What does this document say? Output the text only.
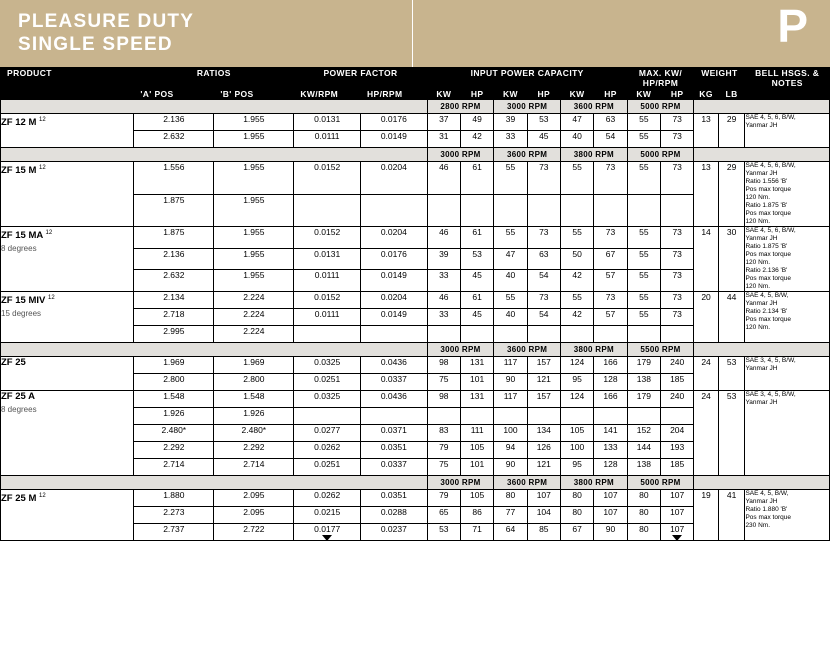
PLEASURE DUTY
SINGLE SPEED	P
PRODUCT	RATIOS		POWER FACTOR		INPUT POWER CAPACITY						MAX. KW/ HP/RPM		WEIGHT		BELL HSGS. & NOTES
	'A' POS	'B' POS	KW/RPM	HP/RPM	KW	HP	KW	HP	KW	HP	KW	HP	KG	LB	
					2800 RPM		3000 RPM		3600 RPM		5000 RPM				
ZF 12 M $^{12}$	2.136	1.955	0.0131	0.0176	37	49	39	53	47	63	55	73	13	29	SAE 4, 5, 6, B/W,
Yanmar JH
	2.632	1.955	0.0111	0.0149	31	42	33	45	40	54	55	73			
					3000 RPM		3600 RPM		3800 RPM		5000 RPM				
ZF 15 M $^{12}$	1.556	1.955	0.0152	0.0204	46	61	55	73	55	73	55	73	13	29	SAE 4, 5, 6, B/W,
Yanmar JH
Ratio 1.556 'B'
Pos max torque
120 Nm.
Ratio 1.875 'B'
Pos max torque
120 Nm.
	1.875	1.955													
ZF 15 MA $^{12}$
8 degrees
	1.875	1.955	0.0152	0.0204	46	61	55	73	55	73	55	73	14	30	SAE 4, 5, 6, B/W,
Yanmar JH
Ratio 1.875 'B'
Pos max torque
120 Nm.
Ratio 2.136 'B'
Pos max torque
120 Nm.
	2.136	1.955	0.0131	0.0176	39	53	47	63	50	67	55	73			
	2.632	1.955	0.0111	0.0149	33	45	40	54	42	57	55	73			
ZF 15 MIV $^{12}$
15 degrees	2.134	2.224	0.0152	0.0204	46	61	55	73	55	73	55	73	20	44	SAE 4, 5, B/W,
Yanmar JH
Ratio 2.134 'B'
Pos max torque
120 Nm.
	2.718	2.224	0.0111	0.0149	33	45	40	54	42	57	55	73			
	2.995	2.224													
					3000 RPM		3600 RPM		3800 RPM		5500 RPM				
ZF 25	1.969	1.969	0.0325	0.0436	98	131	117	157	124	166	179	240	24	53	SAE 3, 4, 5, B/W,
Yanmar JH
	2.800	2.800	0.0251	0.0337	75	101	90	121	95	128	138	185			
ZF 25 A
8 degrees	1.548	1.548	0.0325	0.0436	98	131	117	157	124	166	179	240	24	53	SAE 3, 4, 5, B/W,
Yanmar JH
	1.926	1.926													
	2.480*	2.480*	0.0277	0.0371	83	111	100	134	105	141	152	204			
	2.292	2.292	0.0262	0.0351	79	105	94	126	100	133	144	193			
	2.714	2.714	0.0251	0.0337	75	101	90	121	95	128	138	185			
					3000 RPM		3600 RPM		3800 RPM		5000 RPM				
ZF 25 M $^{12}$	1.880	2.095	0.0262	0.0351	79	105	80	107	80	107	80	107	19	41	SAE 4, 5, B/W,
Yanmar JH
Ratio 1.880 'B'
Pos max torque
230 Nm.
	2.273	2.095	0.0215	0.0288	65	86	77	104	80	107	80	107			
	2.737	2.722	0.0177	0.0237	53	71	64	85	67	90	80	107			
